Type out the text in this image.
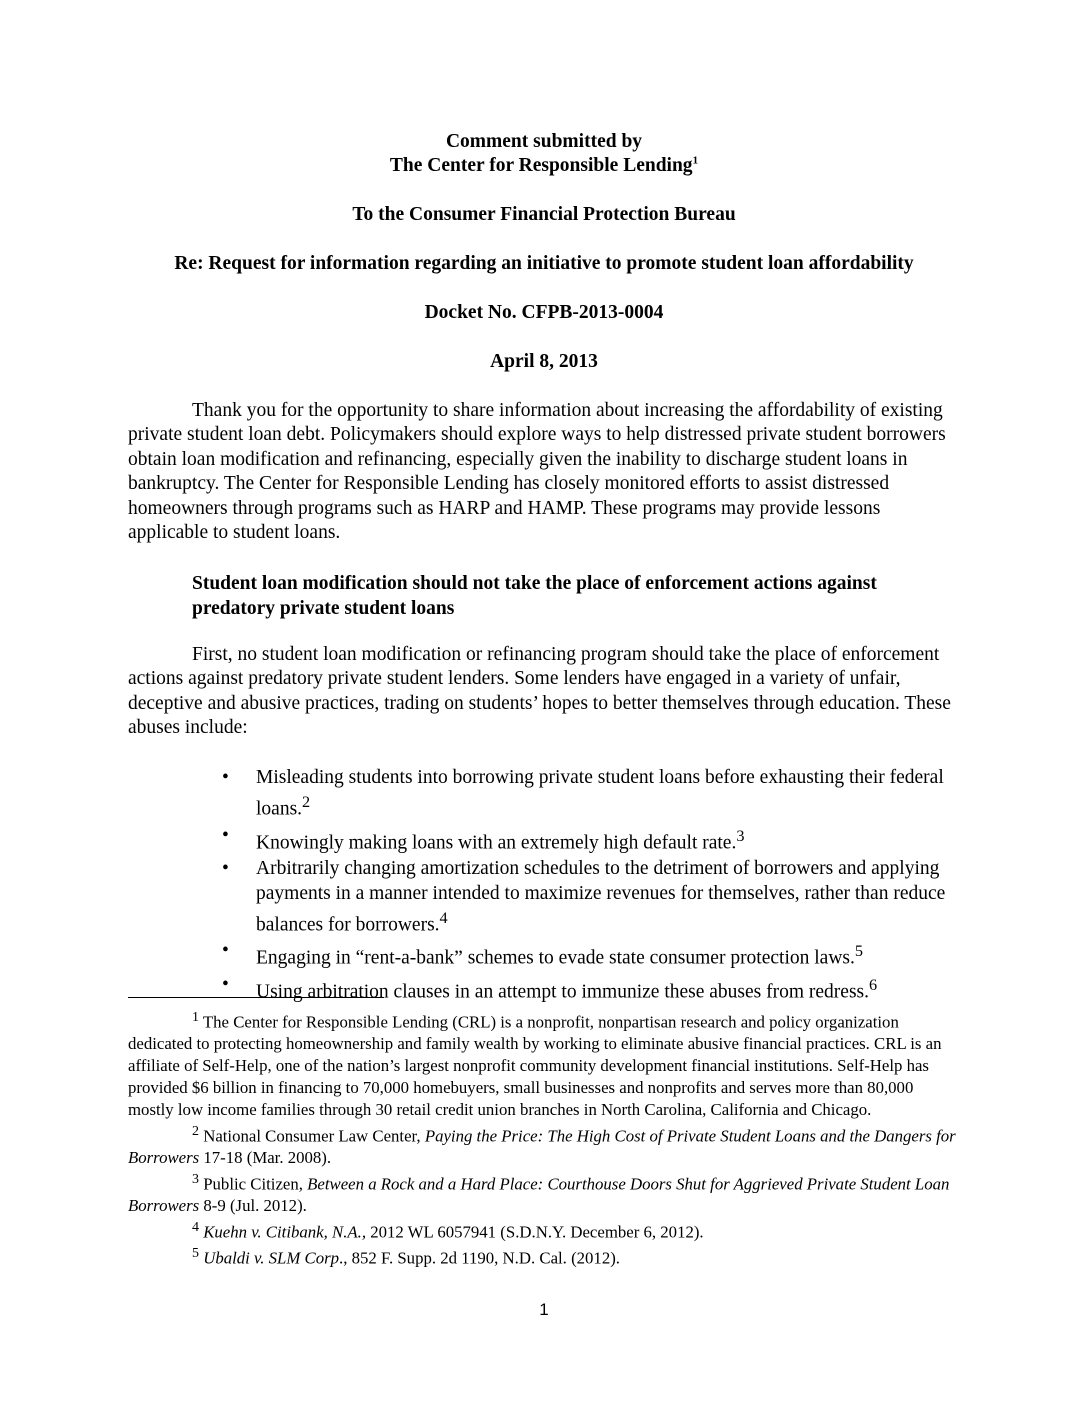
Comment submitted by
The Center for Responsible Lending$^1$
To the Consumer Financial Protection Bureau
Re: Request for information regarding an initiative to promote student loan affordability
Docket No. CFPB-2013-0004
April 8, 2013
Thank you for the opportunity to share information about increasing the affordability of existing private student loan debt. Policymakers should explore ways to help distressed private student borrowers obtain loan modification and refinancing, especially given the inability to discharge student loans in bankruptcy. The Center for Responsible Lending has closely monitored efforts to assist distressed homeowners through programs such as HARP and HAMP. These programs may provide lessons applicable to student loans.
Student loan modification should not take the place of enforcement actions against predatory private student loans
First, no student loan modification or refinancing program should take the place of enforcement actions against predatory private student lenders. Some lenders have engaged in a variety of unfair, deceptive and abusive practices, trading on students’ hopes to better themselves through education. These abuses include:
• Misleading students into borrowing private student loans before exhausting their federal loans.$^2$
• Knowingly making loans with an extremely high default rate.$^3$
• Arbitrarily changing amortization schedules to the detriment of borrowers and applying payments in a manner intended to maximize revenues for themselves, rather than reduce balances for borrowers.$^4$
• Engaging in “rent-a-bank” schemes to evade state consumer protection laws.$^5$
• Using arbitration clauses in an attempt to immunize these abuses from redress.$^6$

$^1$ The Center for Responsible Lending (CRL) is a nonprofit, nonpartisan research and policy organization dedicated to protecting homeownership and family wealth by working to eliminate abusive financial practices. CRL is an affiliate of Self-Help, one of the nation’s largest nonprofit community development financial institutions. Self-Help has provided $6 billion in financing to 70,000 homebuyers, small businesses and nonprofits and serves more than 80,000 mostly low income families through 30 retail credit union branches in North Carolina, California and Chicago.

$^2$ National Consumer Law Center, Paying the Price: The High Cost of Private Student Loans and the Dangers for Borrowers 17-18 (Mar. 2008).

$^3$ Public Citizen, Between a Rock and a Hard Place: Courthouse Doors Shut for Aggrieved Private Student Loan Borrowers 8-9 (Jul. 2012).

$^4$ Kuehn v. Citibank, N.A., 2012 WL 6057941 (S.D.N.Y. December 6, 2012).

$^5$ Ubaldi v. SLM Corp., 852 F. Supp. 2d 1190, N.D. Cal. (2012).

1
